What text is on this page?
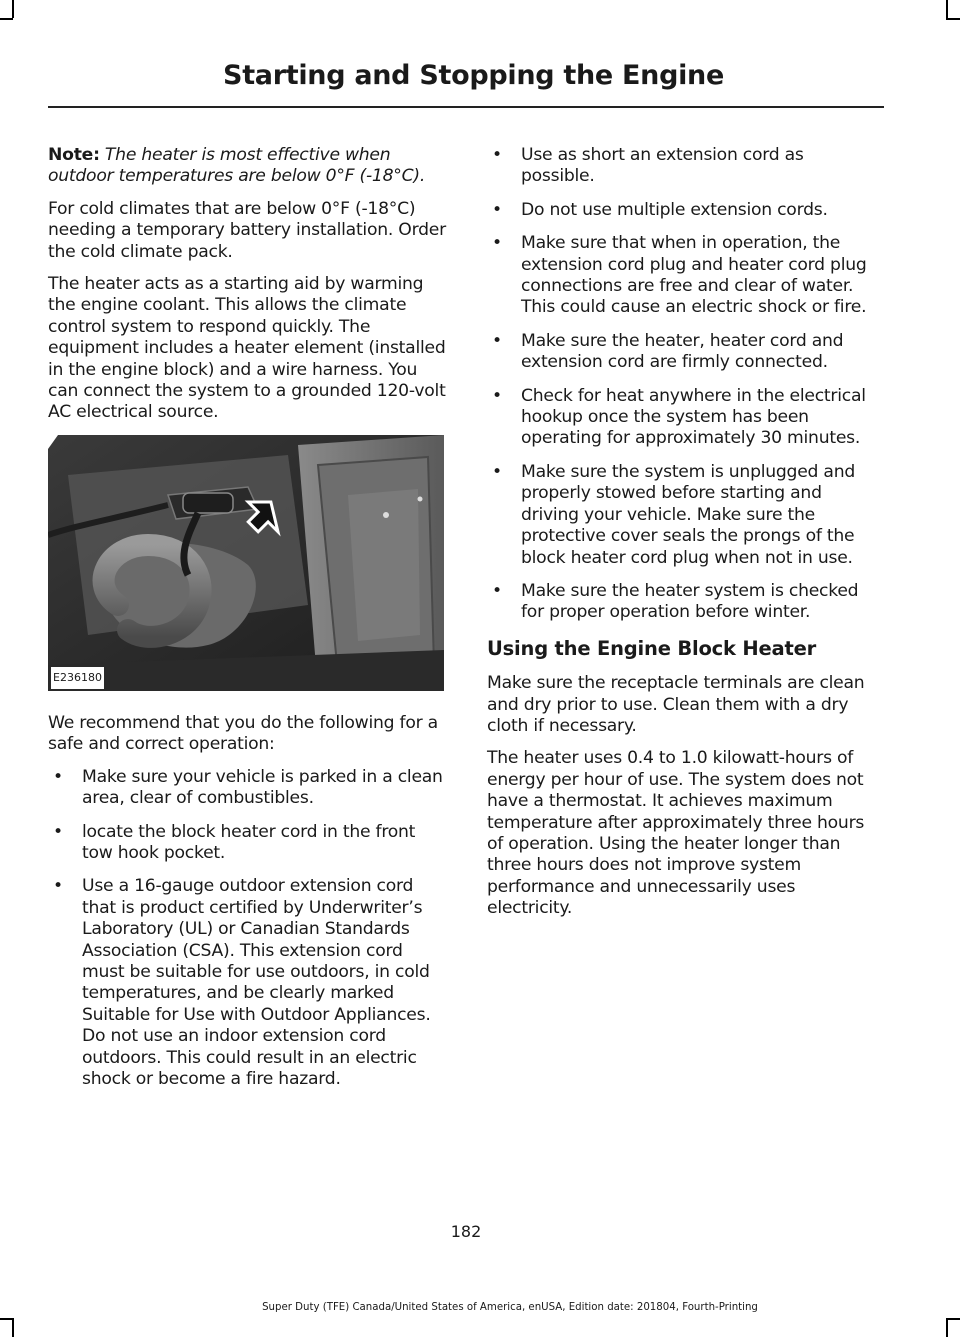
Starting and Stopping the Engine

Note: The heater is most effective when outdoor temperatures are below 0°F (-18°C).

For cold climates that are below 0°F (-18°C) needing a temporary battery installation. Order the cold climate pack.

The heater acts as a starting aid by warming the engine coolant. This allows the climate control system to respond quickly. The equipment includes a heater element (installed in the engine block) and a wire harness. You can connect the system to a grounded 120-volt AC electrical source.

E236180

We recommend that you do the following for a safe and correct operation:

• Make sure your vehicle is parked in a clean area, clear of combustibles.
• locate the block heater cord in the front tow hook pocket.
• Use a 16-gauge outdoor extension cord that is product certified by Underwriter’s Laboratory (UL) or Canadian Standards Association (CSA). This extension cord must be suitable for use outdoors, in cold temperatures, and be clearly marked Suitable for Use with Outdoor Appliances. Do not use an indoor extension cord outdoors. This could result in an electric shock or become a fire hazard.
• Use as short an extension cord as possible.
• Do not use multiple extension cords.
• Make sure that when in operation, the extension cord plug and heater cord plug connections are free and clear of water. This could cause an electric shock or fire.
• Make sure the heater, heater cord and extension cord are firmly connected.
• Check for heat anywhere in the electrical hookup once the system has been operating for approximately 30 minutes.
• Make sure the system is unplugged and properly stowed before starting and driving your vehicle. Make sure the protective cover seals the prongs of the block heater cord plug when not in use.
• Make sure the heater system is checked for proper operation before winter.
Using the Engine Block Heater

Make sure the receptacle terminals are clean and dry prior to use. Clean them with a dry cloth if necessary.

The heater uses 0.4 to 1.0 kilowatt-hours of energy per hour of use. The system does not have a thermostat. It achieves maximum temperature after approximately three hours of operation. Using the heater longer than three hours does not improve system performance and unnecessarily uses electricity.

182
Super Duty (TFE) Canada/United States of America, enUSA, Edition date: 201804, Fourth-Printing
